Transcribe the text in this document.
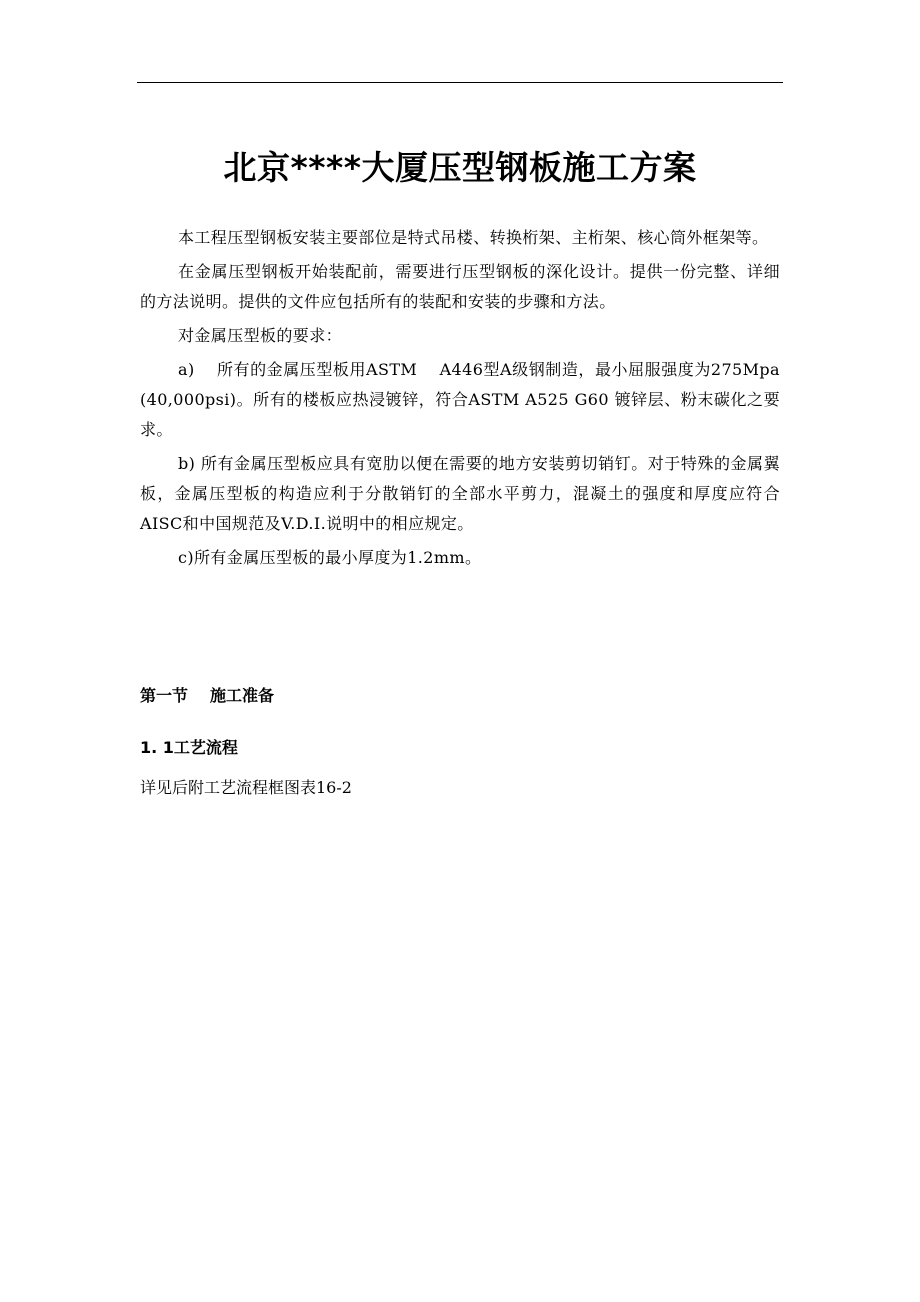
北京****大厦压型钢板施工方案

本工程压型钢板安装主要部位是特式吊楼、转换桁架、主桁架、核心筒外框架等。

在金属压型钢板开始装配前，需要进行压型钢板的深化设计。提供一份完整、详细的方法说明。提供的文件应包括所有的装配和安装的步骤和方法。

对金属压型板的要求：

a)　 所有的金属压型板用ASTM　 A446型A级钢制造，最小屈服强度为275Mpa (40,000psi)。所有的楼板应热浸镀锌，符合ASTM A525 G60 镀锌层、粉末碳化之要求。

b) 所有金属压型板应具有宽肋以便在需要的地方安装剪切销钉。对于特殊的金属翼板，金属压型板的构造应利于分散销钉的全部水平剪力，混凝土的强度和厚度应符合AISC和中国规范及V.D.I.说明中的相应规定。

c)所有金属压型板的最小厚度为1.2mm。

第一节 施工准备
1. 1工艺流程

详见后附工艺流程框图表16-2
